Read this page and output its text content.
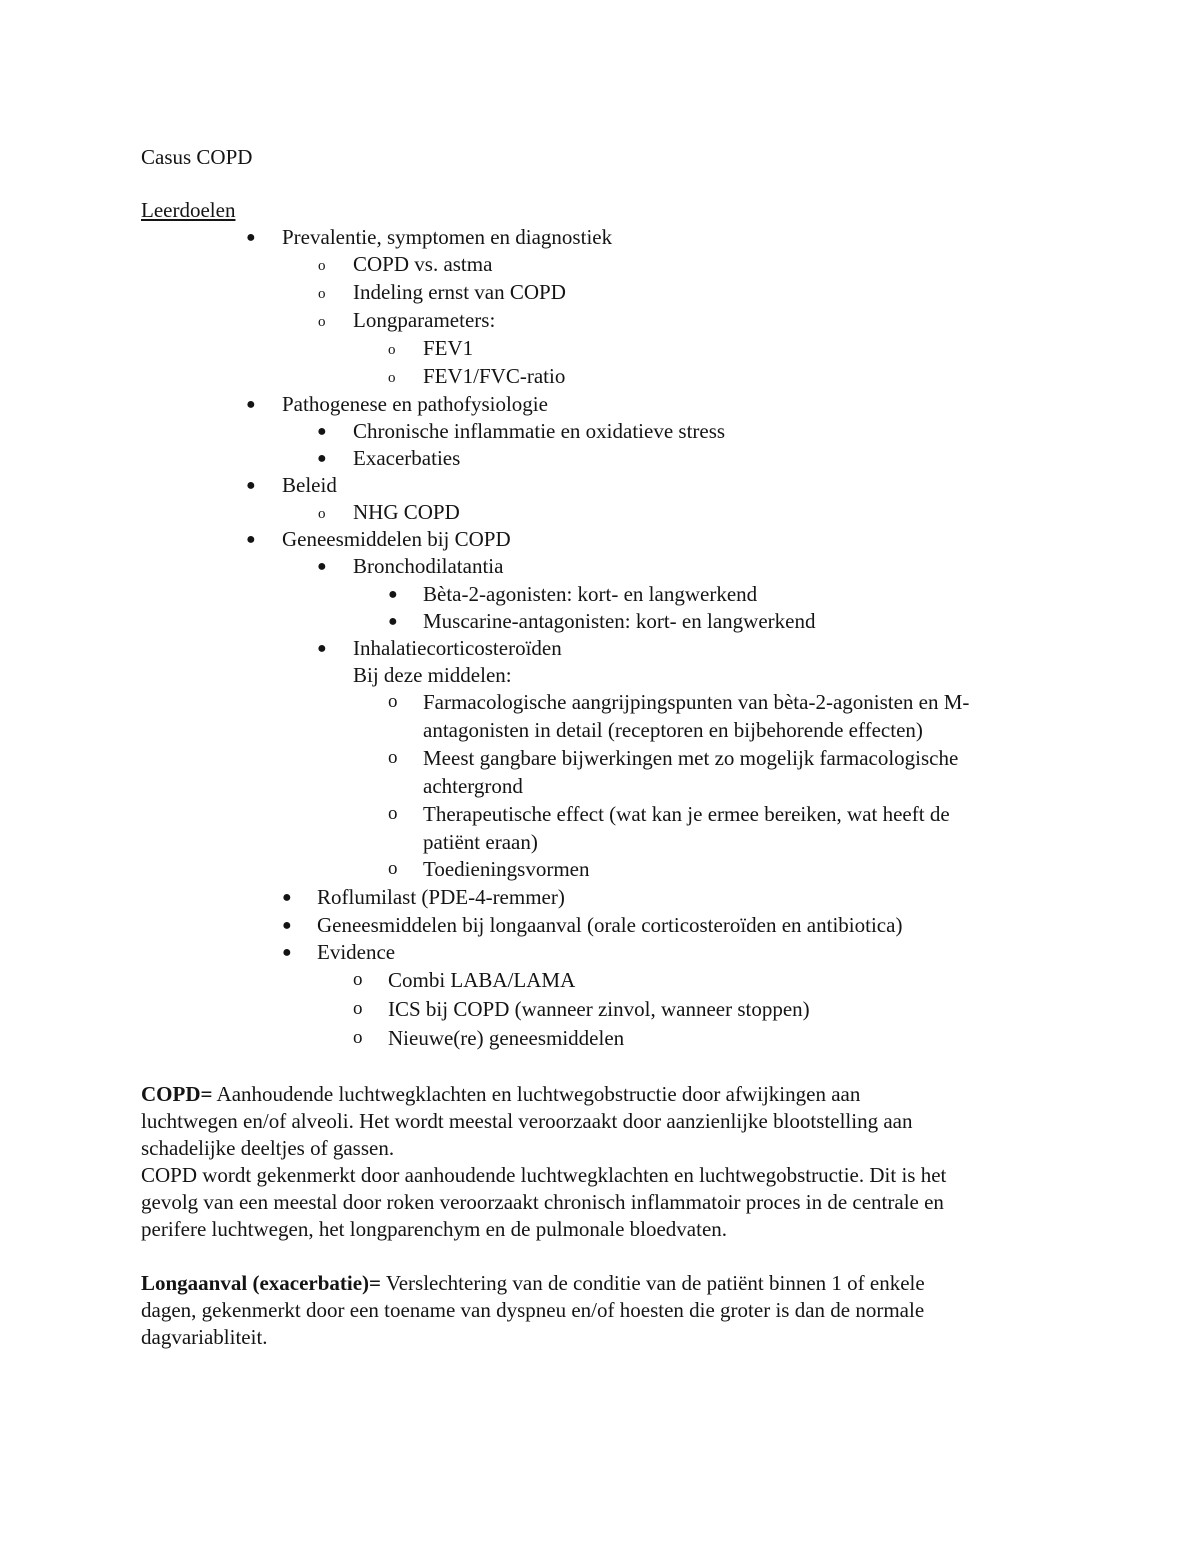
Casus COPD
Leerdoelen
● Prevalentie, symptomen en diagnostiek
o COPD vs. astma
o Indeling ernst van COPD
o Longparameters:
o FEV1
o FEV1/FVC-ratio
● Pathogenese en pathofysiologie
● Chronische inflammatie en oxidatieve stress
● Exacerbaties
● Beleid
o NHG COPD
● Geneesmiddelen bij COPD
● Bronchodilatantia
● Bèta-2-agonisten: kort- en langwerkend
● Muscarine-antagonisten: kort- en langwerkend
● Inhalatiecorticosteroïden
Bij deze middelen:
o Farmacologische aangrijpingspunten van bèta-2-agonisten en M-
antagonisten in detail (receptoren en bijbehorende effecten)
o Meest gangbare bijwerkingen met zo mogelijk farmacologische
achtergrond
o Therapeutische effect (wat kan je ermee bereiken, wat heeft de
patiënt eraan)
o Toedieningsvormen
● Roflumilast (PDE-4-remmer)
● Geneesmiddelen bij longaanval (orale corticosteroïden en antibiotica)
● Evidence
o Combi LABA/LAMA
o ICS bij COPD (wanneer zinvol, wanneer stoppen)
o Nieuwe(re) geneesmiddelen
COPD= Aanhoudende luchtwegklachten en luchtwegobstructie door afwijkingen aan
luchtwegen en/of alveoli. Het wordt meestal veroorzaakt door aanzienlijke blootstelling aan
schadelijke deeltjes of gassen.
COPD wordt gekenmerkt door aanhoudende luchtwegklachten en luchtwegobstructie. Dit is het
gevolg van een meestal door roken veroorzaakt chronisch inflammatoir proces in de centrale en
perifere luchtwegen, het longparenchym en de pulmonale bloedvaten.
Longaanval (exacerbatie)= Verslechtering van de conditie van de patiënt binnen 1 of enkele
dagen, gekenmerkt door een toename van dyspneu en/of hoesten die groter is dan de normale
dagvariabliteit.
